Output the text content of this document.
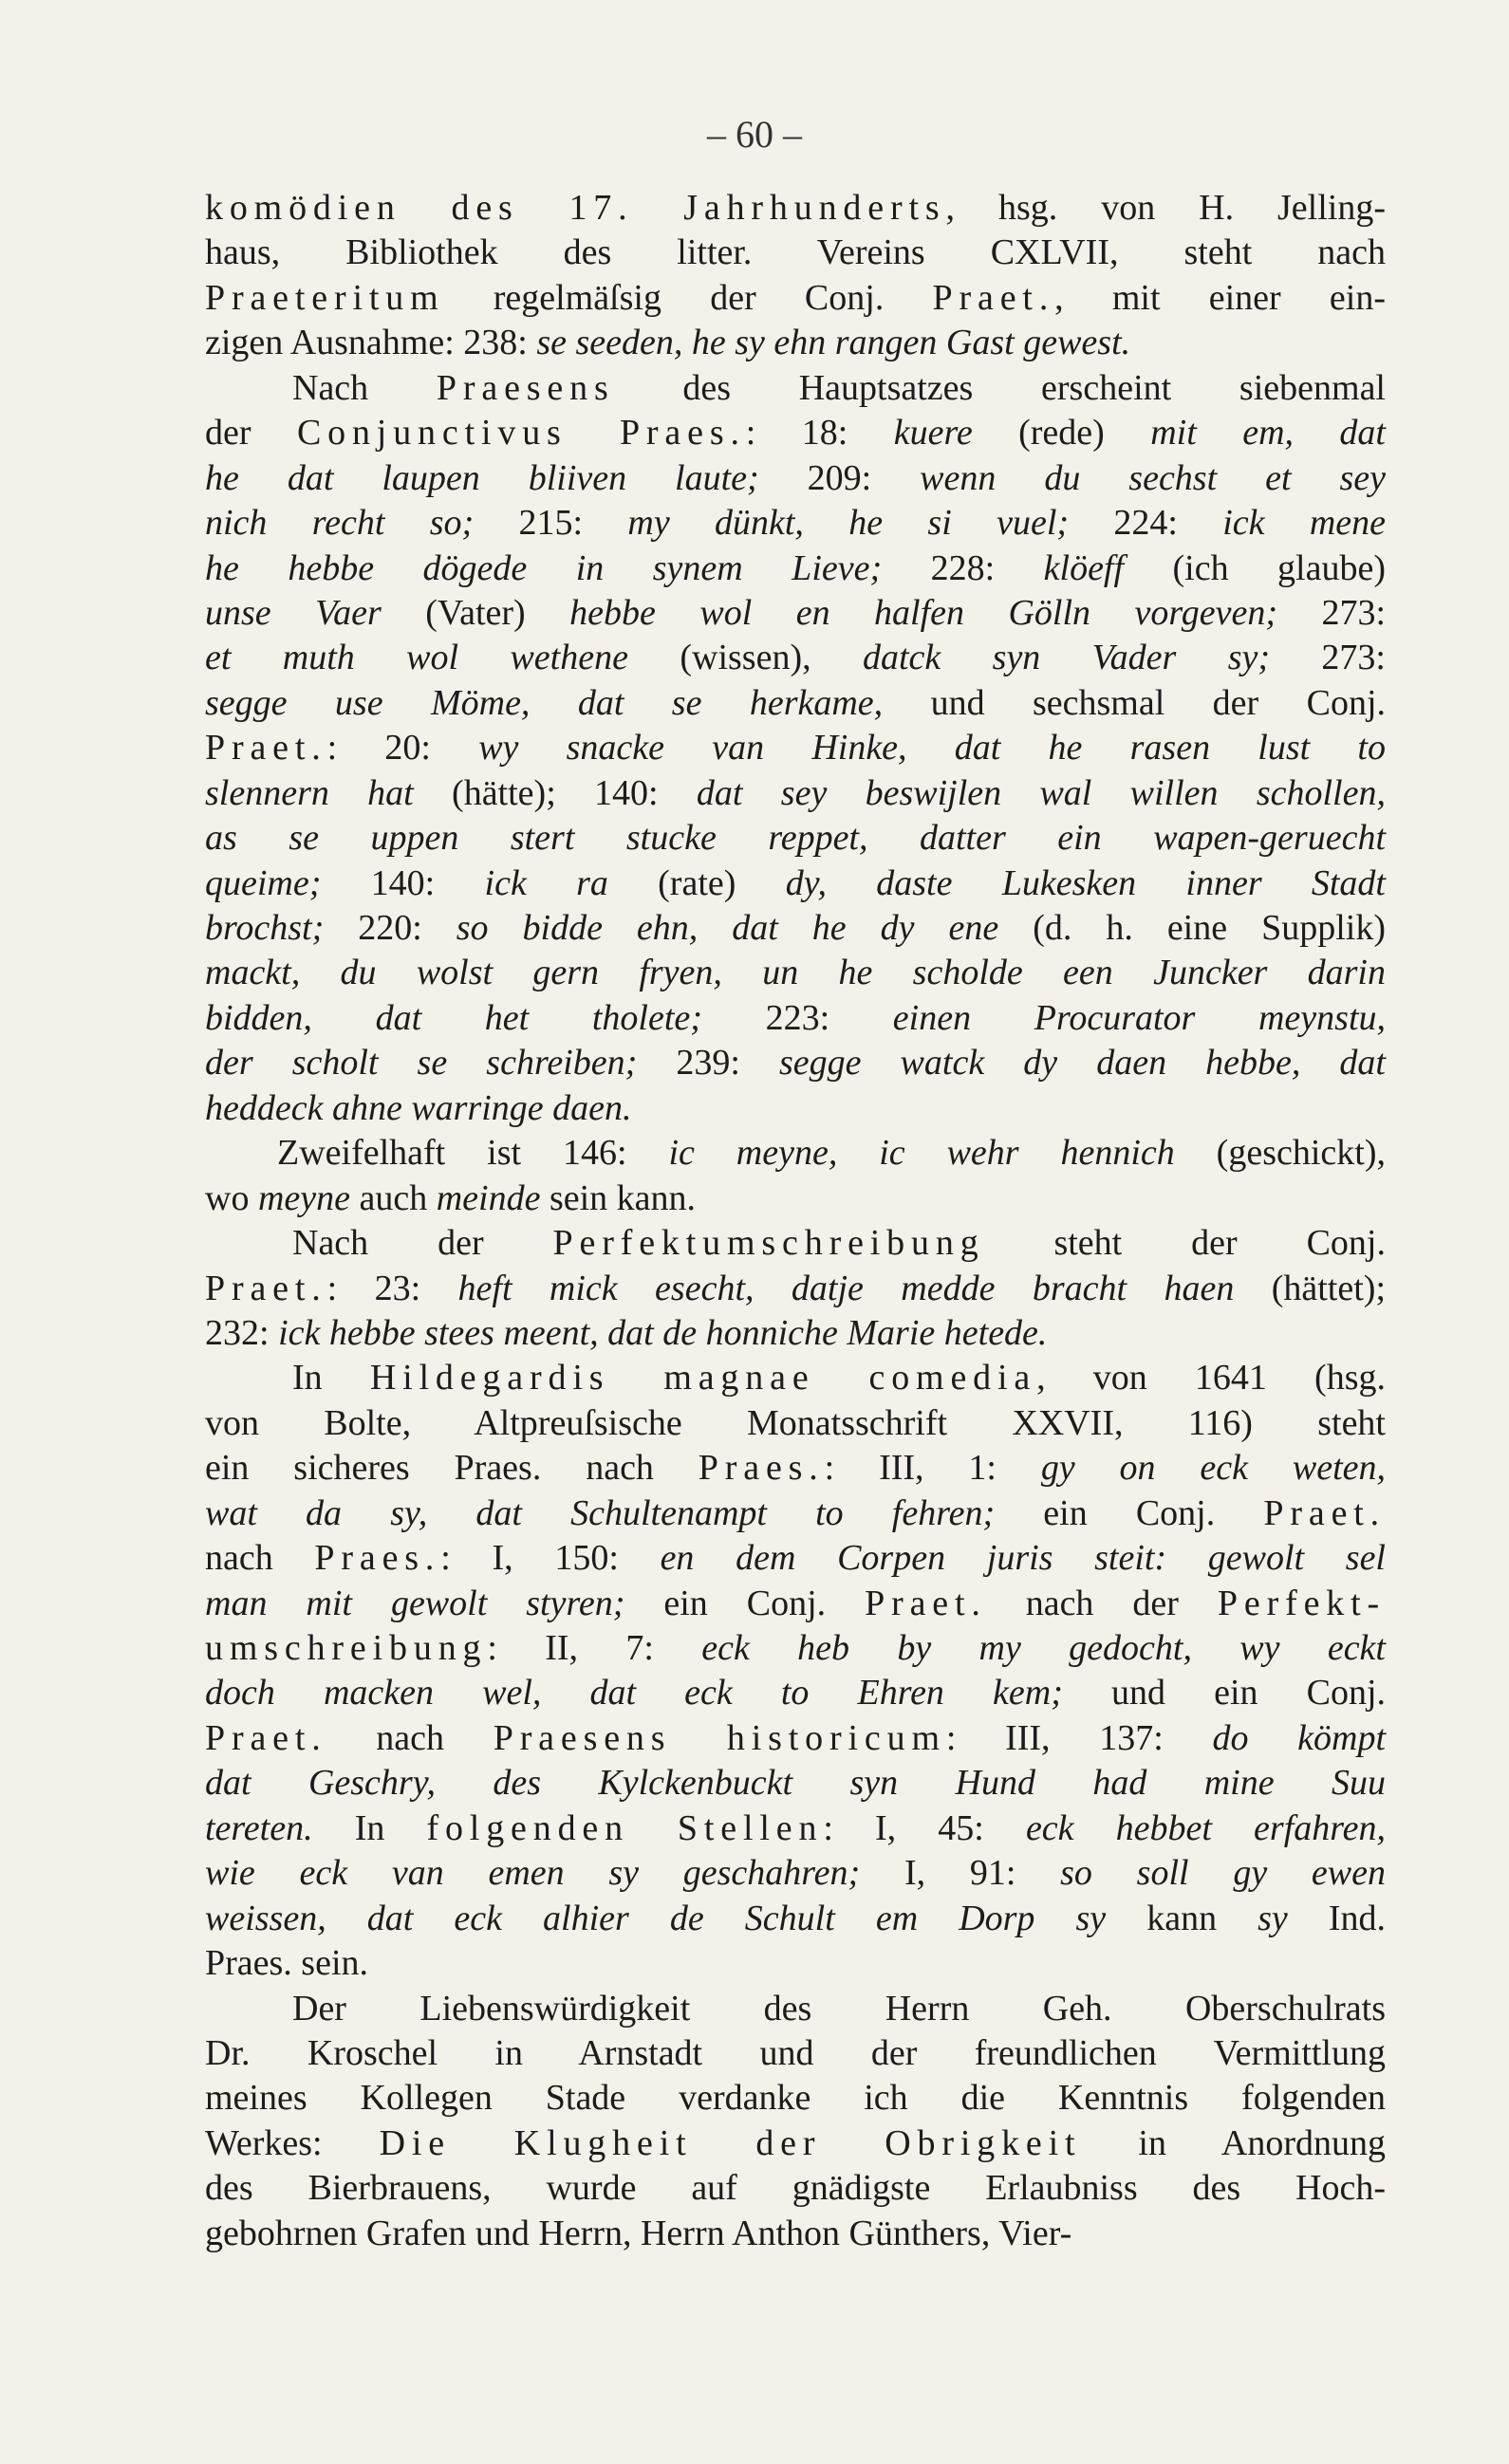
– 60 –
komödien des 17. Jahrhunderts, hsg. von H. Jelling-
haus, Bibliothek des litter. Vereins CXLVII, steht nach
Praeteritum regelmäſsig der Conj. Praet., mit einer ein-
zigen Ausnahme: 238: se seeden, he sy ehn rangen Gast gewest.
Nach Praesens des Hauptsatzes erscheint siebenmal
der Conjunctivus Praes.: 18: kuere (rede) mit em, dat
he dat laupen bliiven laute; 209: wenn du sechst et sey
nich recht so; 215: my dünkt, he si vuel; 224: ick mene
he hebbe dögede in synem Lieve; 228: klöeff (ich glaube)
unse Vaer (Vater) hebbe wol en halfen Gölln vorgeven; 273:
et muth wol wethene (wissen), datck syn Vader sy; 273:
segge use Möme, dat se herkame, und sechsmal der Conj.
Praet.: 20: wy snacke van Hinke, dat he rasen lust to
slennern hat (hätte); 140: dat sey beswijlen wal willen schollen,
as se uppen stert stucke reppet, datter ein wapen-geruecht
queime; 140: ick ra (rate) dy, daste Lukesken inner Stadt
brochst; 220: so bidde ehn, dat he dy ene (d. h. eine Supplik)
mackt, du wolst gern fryen, un he scholde een Juncker darin
bidden, dat het tholete; 223: einen Procurator meynstu,
der scholt se schreiben; 239: segge watck dy daen hebbe, dat
heddeck ahne warringe daen.
Zweifelhaft ist 146: ic meyne, ic wehr hennich (geschickt),
wo meyne auch meinde sein kann.
Nach der Perfektumschreibung steht der Conj.
Praet.: 23: heft mick esecht, datje medde bracht haen (hättet);
232: ick hebbe stees meent, dat de honniche Marie hetede.
In Hildegardis magnae comedia, von 1641 (hsg.
von Bolte, Altpreuſsische Monatsschrift XXVII, 116) steht
ein sicheres Praes. nach Praes.: III, 1: gy on eck weten,
wat da sy, dat Schultenampt to fehren; ein Conj. Praet.
nach Praes.: I, 150: en dem Corpen juris steit: gewolt sel
man mit gewolt styren; ein Conj. Praet. nach der Perfekt-
umschreibung: II, 7: eck heb by my gedocht, wy eckt
doch macken wel, dat eck to Ehren kem; und ein Conj.
Praet. nach Praesens historicum: III, 137: do kömpt
dat Geschry, des Kylckenbuckt syn Hund had mine Suu
tereten. In folgenden Stellen: I, 45: eck hebbet erfahren,
wie eck van emen sy geschahren; I, 91: so soll gy ewen
weissen, dat eck alhier de Schult em Dorp sy kann sy Ind.
Praes. sein.
Der Liebenswürdigkeit des Herrn Geh. Oberschulrats
Dr. Kroschel in Arnstadt und der freundlichen Vermittlung
meines Kollegen Stade verdanke ich die Kenntnis folgenden
Werkes: Die Klugheit der Obrigkeit in Anordnung
des Bierbrauens, wurde auf gnädigste Erlaubniss des Hoch-
gebohrnen Grafen und Herrn, Herrn Anthon Günthers, Vier-
